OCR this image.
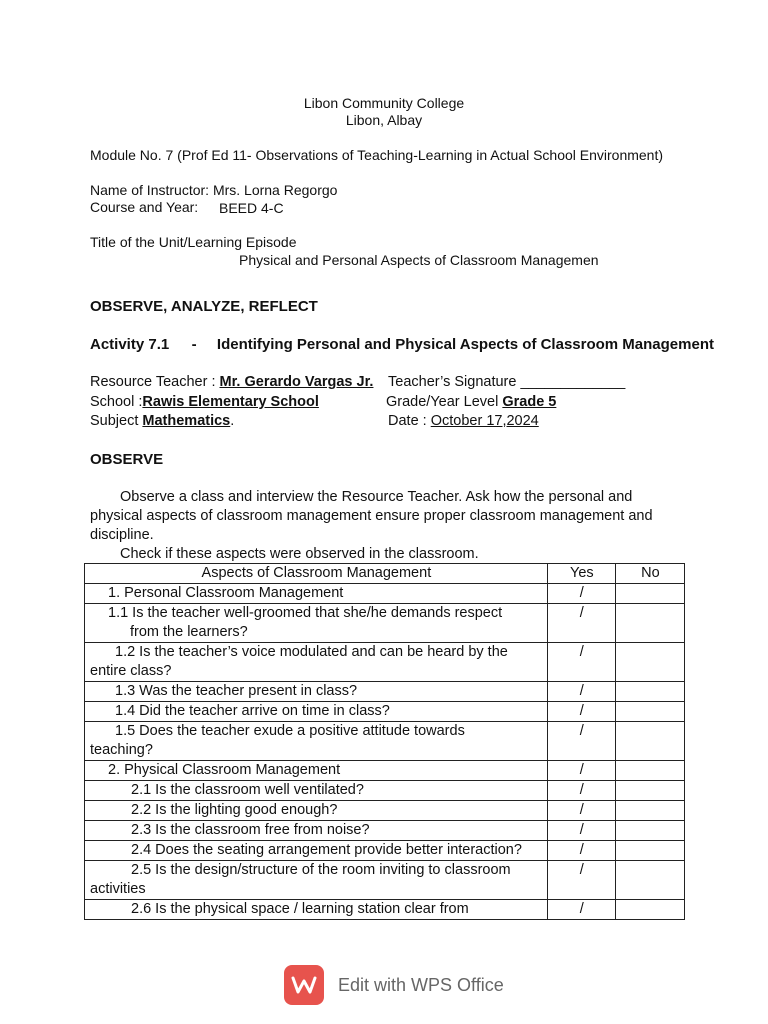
Libon Community College
Libon, Albay
Module No. 7 (Prof Ed 11- Observations of Teaching-Learning in Actual School Environment)
Name of Instructor: Mrs. Lorna Regorgo
Course and Year: BEED 4-C
Title of the Unit/Learning Episode
Physical and Personal Aspects of Classroom Managemen
OBSERVE, ANALYZE, REFLECT
Activity 7.1 - Identifying Personal and Physical Aspects of Classroom Management
Resource Teacher : Mr. Gerardo Vargas Jr. Teacher’s Signature _____________
School :Rawis Elementary School	Grade/Year Level Grade 5
Subject Mathematics.	Date : October 17,2024
OBSERVE
Observe a class and interview the Resource Teacher. Ask how the personal and physical aspects of classroom management ensure proper classroom management and discipline.
Check if these aspects were observed in the classroom.
Aspects of Classroom Management	Yes	No
1. Personal Classroom Management	/	

1.1 Is the teacher well-groomed that she/he demands respect
from the learners?	/	

1.2 Is the teacher’s voice modulated and can be heard by the
entire class?	/	
1.3 Was the teacher present in class?	/	
1.4 Did the teacher arrive on time in class?	/	

1.5 Does the teacher exude a positive attitude towards
teaching?	/	
2. Physical Classroom Management	/	
2.1 Is the classroom well ventilated?	/	
2.2 Is the lighting good enough?	/	
2.3 Is the classroom free from noise?	/	
2.4 Does the seating arrangement provide better interaction?	/	

2.5 Is the design/structure of the room inviting to classroom
activities	/	
2.6 Is the physical space / learning station clear from	/	
Edit with WPS Office
